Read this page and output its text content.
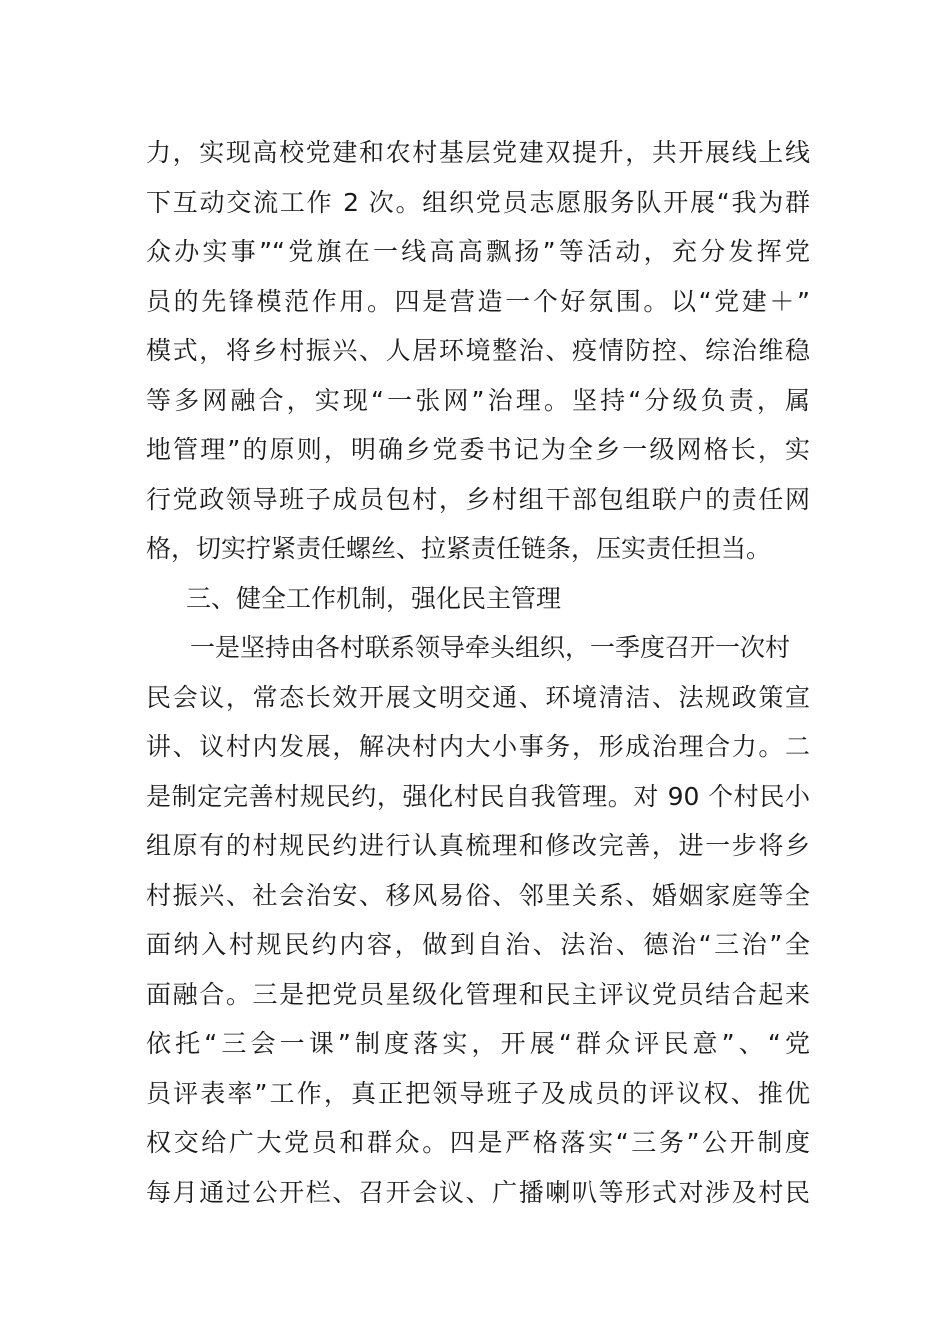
力，实现高校党建和农村基层党建双提升，共开展线上线
下互动交流工作 2 次。组织党员志愿服务队开展“我为群
众办实事”“党旗在一线高高飘扬”等活动，充分发挥党
员的先锋模范作用。四是营造一个好氛围。以“党建＋”
模式，将乡村振兴、人居环境整治、疫情防控、综治维稳
等多网融合，实现“一张网”治理。坚持“分级负责，属
地管理”的原则，明确乡党委书记为全乡一级网格长，实
行党政领导班子成员包村，乡村组干部包组联户的责任网
格，切实拧紧责任螺丝、拉紧责任链条，压实责任担当。
三、健全工作机制，强化民主管理
一是坚持由各村联系领导牵头组织，一季度召开一次村
民会议，常态长效开展文明交通、环境清洁、法规政策宣
讲、议村内发展，解决村内大小事务，形成治理合力。二
是制定完善村规民约，强化村民自我管理。对 90 个村民小
组原有的村规民约进行认真梳理和修改完善，进一步将乡
村振兴、社会治安、移风易俗、邻里关系、婚姻家庭等全
面纳入村规民约内容，做到自治、法治、德治“三治”全
面融合。三是把党员星级化管理和民主评议党员结合起来
依托“三会一课”制度落实，开展“群众评民意”、“党
员评表率”工作，真正把领导班子及成员的评议权、推优
权交给广大党员和群众。四是严格落实“三务”公开制度
每月通过公开栏、召开会议、广播喇叭等形式对涉及村民
